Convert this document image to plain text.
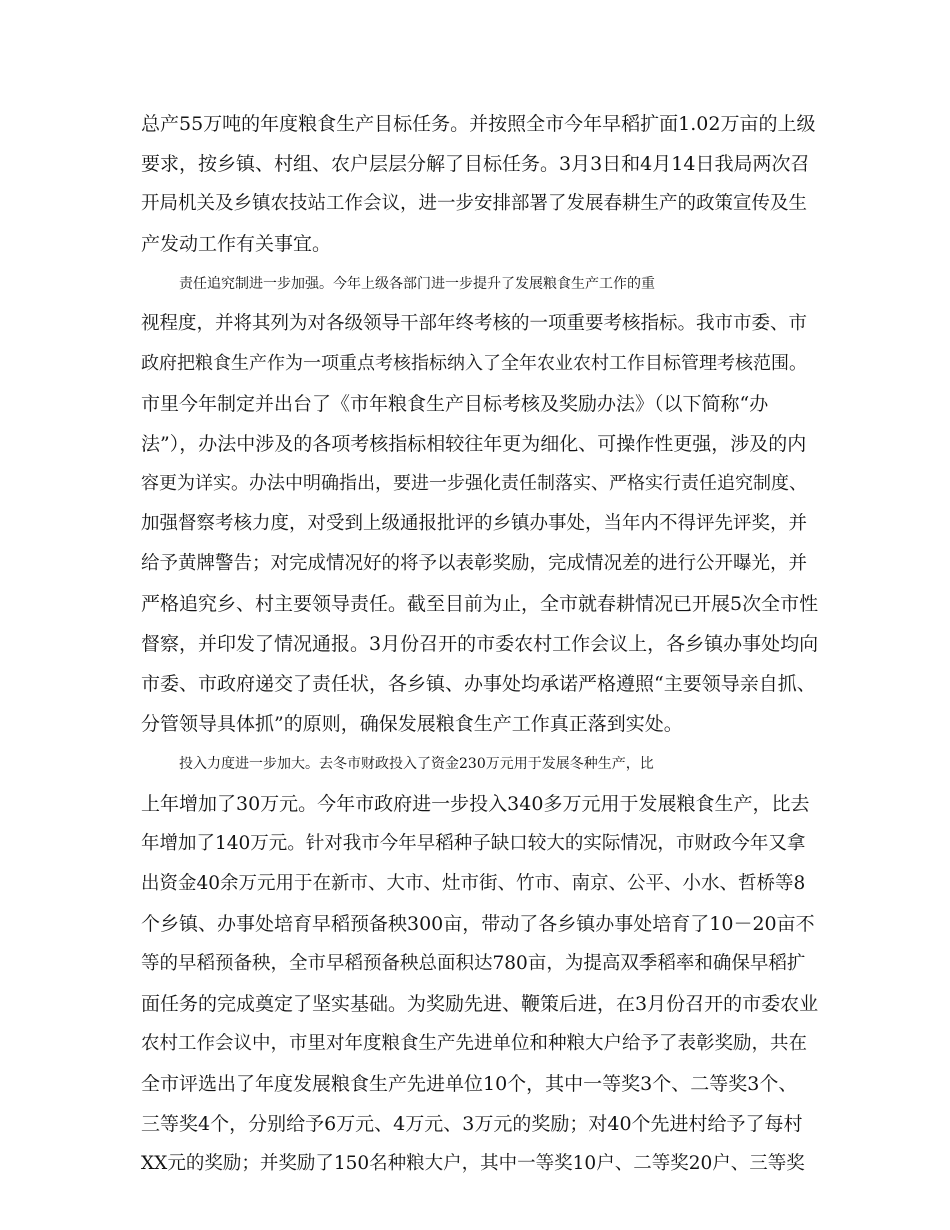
总产55万吨的年度粮食生产目标任务。并按照全市今年早稻扩面1.02万亩的上级
要求，按乡镇、村组、农户层层分解了目标任务。3月3日和4月14日我局两次召
开局机关及乡镇农技站工作会议，进一步安排部署了发展春耕生产的政策宣传及生
产发动工作有关事宜。
责任追究制进一步加强。今年上级各部门进一步提升了发展粮食生产工作的重
视程度，并将其列为对各级领导干部年终考核的一项重要考核指标。我市市委、市
政府把粮食生产作为一项重点考核指标纳入了全年农业农村工作目标管理考核范围。
市里今年制定并出台了《市年粮食生产目标考核及奖励办法》（以下简称“办
法”），办法中涉及的各项考核指标相较往年更为细化、可操作性更强，涉及的内
容更为详实。办法中明确指出，要进一步强化责任制落实、严格实行责任追究制度、
加强督察考核力度，对受到上级通报批评的乡镇办事处，当年内不得评先评奖，并
给予黄牌警告；对完成情况好的将予以表彰奖励，完成情况差的进行公开曝光，并
严格追究乡、村主要领导责任。截至目前为止，全市就春耕情况已开展5次全市性
督察，并印发了情况通报。3月份召开的市委农村工作会议上，各乡镇办事处均向
市委、市政府递交了责任状，各乡镇、办事处均承诺严格遵照“主要领导亲自抓、
分管领导具体抓”的原则，确保发展粮食生产工作真正落到实处。
投入力度进一步加大。去冬市财政投入了资金230万元用于发展冬种生产，比
上年增加了30万元。今年市政府进一步投入340多万元用于发展粮食生产，比去
年增加了140万元。针对我市今年早稻种子缺口较大的实际情况，市财政今年又拿
出资金40余万元用于在新市、大市、灶市街、竹市、南京、公平、小水、哲桥等8
个乡镇、办事处培育早稻预备秧300亩，带动了各乡镇办事处培育了10－20亩不
等的早稻预备秧，全市早稻预备秧总面积达780亩，为提高双季稻率和确保早稻扩
面任务的完成奠定了坚实基础。为奖励先进、鞭策后进，在3月份召开的市委农业
农村工作会议中，市里对年度粮食生产先进单位和种粮大户给予了表彰奖励，共在
全市评选出了年度发展粮食生产先进单位10个，其中一等奖3个、二等奖3个、
三等奖4个，分别给予6万元、4万元、3万元的奖励；对40个先进村给予了每村
XX元的奖励；并奖励了150名种粮大户，其中一等奖10户、二等奖20户、三等奖
